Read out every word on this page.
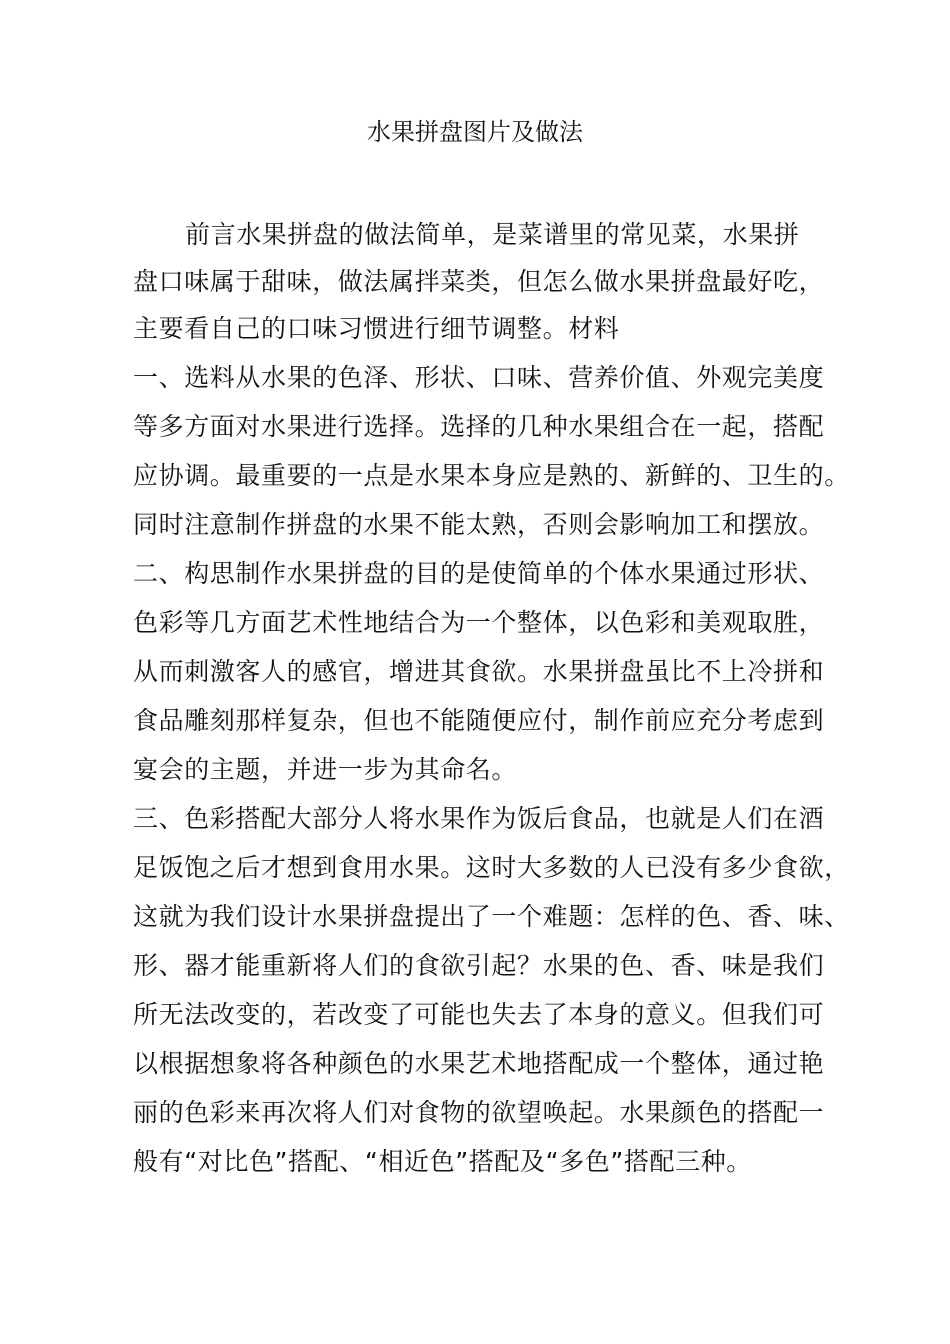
水果拼盘图片及做法
前言水果拼盘的做法简单，是菜谱里的常见菜，水果拼
盘口味属于甜味，做法属拌菜类，但怎么做水果拼盘最好吃，
主要看自己的口味习惯进行细节调整。材料
一、选料从水果的色泽、形状、口味、营养价值、外观完美度
等多方面对水果进行选择。选择的几种水果组合在一起，搭配
应协调。最重要的一点是水果本身应是熟的、新鲜的、卫生的。
同时注意制作拼盘的水果不能太熟，否则会影响加工和摆放。
二、构思制作水果拼盘的目的是使简单的个体水果通过形状、
色彩等几方面艺术性地结合为一个整体，以色彩和美观取胜，
从而刺激客人的感官，增进其食欲。水果拼盘虽比不上冷拼和
食品雕刻那样复杂，但也不能随便应付，制作前应充分考虑到
宴会的主题，并进一步为其命名。
三、色彩搭配大部分人将水果作为饭后食品，也就是人们在酒
足饭饱之后才想到食用水果。这时大多数的人已没有多少食欲，
这就为我们设计水果拼盘提出了一个难题：怎样的色、香、味、
形、器才能重新将人们的食欲引起？水果的色、香、味是我们
所无法改变的，若改变了可能也失去了本身的意义。但我们可
以根据想象将各种颜色的水果艺术地搭配成一个整体，通过艳
丽的色彩来再次将人们对食物的欲望唤起。水果颜色的搭配一
般有“对比色”搭配、“相近色”搭配及“多色”搭配三种。
